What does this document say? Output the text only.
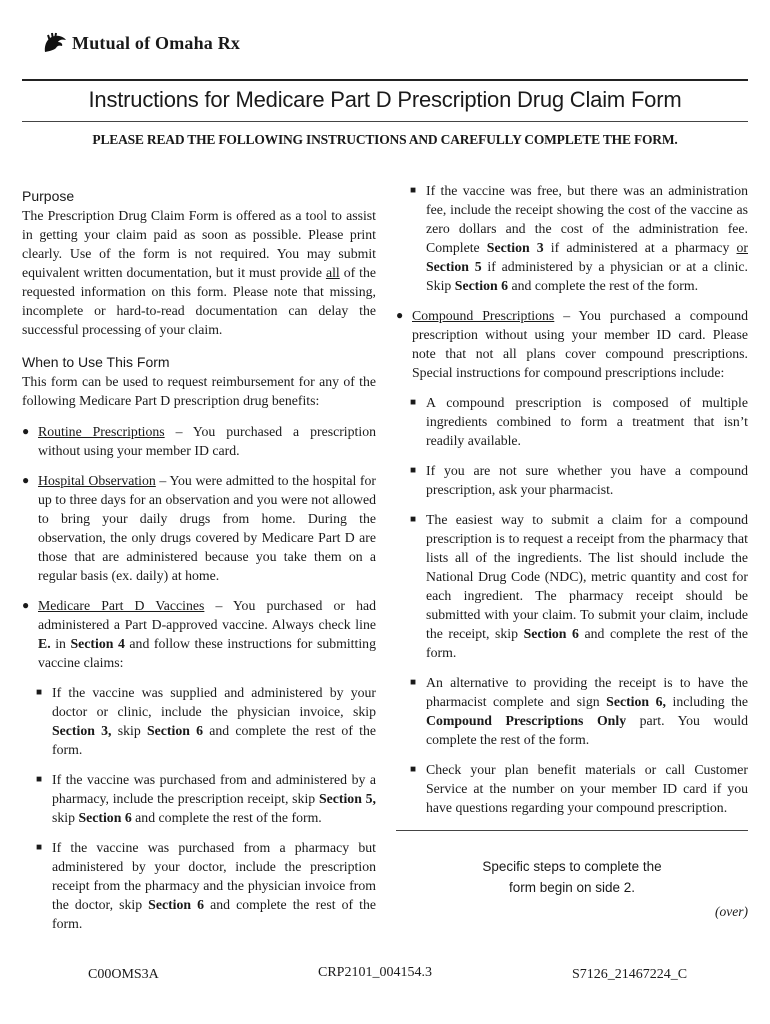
Mutual of Omaha Rx
Instructions for Medicare Part D Prescription Drug Claim Form
PLEASE READ THE FOLLOWING INSTRUCTIONS AND CAREFULLY COMPLETE THE FORM.
Purpose

The Prescription Drug Claim Form is offered as a tool to assist in getting your claim paid as soon as possible. Please print clearly. Use of the form is not required. You may submit equivalent written documentation, but it must provide all of the requested information on this form. Please note that missing, incomplete or hard-to-read documentation can delay the successful processing of your claim.

When to Use This Form

This form can be used to request reimbursement for any of the following Medicare Part D prescription drug benefits:

● Routine Prescriptions – You purchased a prescription without using your member ID card.
● Hospital Observation – You were admitted to the hospital for up to three days for an observation and you were not allowed to bring your daily drugs from home. During the observation, the only drugs covered by Medicare Part D are those that are administered because you take them on a regular basis (ex. daily) at home.
● Medicare Part D Vaccines – You purchased or had administered a Part D-approved vaccine. Always check line E. in Section 4 and follow these instructions for submitting vaccine claims:
■ If the vaccine was supplied and administered by your doctor or clinic, include the physician invoice, skip Section 3, skip Section 6 and complete the rest of the form.
■ If the vaccine was purchased from and administered by a pharmacy, include the prescription receipt, skip Section 5, skip Section 6 and complete the rest of the form.
■ If the vaccine was purchased from a pharmacy but administered by your doctor, include the prescription receipt from the pharmacy and the physician invoice from the doctor, skip Section 6 and complete the rest of the form.
■ If the vaccine was free, but there was an administration fee, include the receipt showing the cost of the vaccine as zero dollars and the cost of the administration fee. Complete Section 3 if administered at a pharmacy or Section 5 if administered by a physician or at a clinic. Skip Section 6 and complete the rest of the form.
● Compound Prescriptions – You purchased a compound prescription without using your member ID card. Please note that not all plans cover compound prescriptions. Special instructions for compound prescriptions include:
■ A compound prescription is composed of multiple ingredients combined to form a treatment that isn’t readily available.
■ If you are not sure whether you have a compound prescription, ask your pharmacist.
■ The easiest way to submit a claim for a compound prescription is to request a receipt from the pharmacy that lists all of the ingredients. The list should include the National Drug Code (NDC), metric quantity and cost for each ingredient. The pharmacy receipt should be submitted with your claim. To submit your claim, include the receipt, skip Section 6 and complete the rest of the form.
■ An alternative to providing the receipt is to have the pharmacist complete and sign Section 6, including the Compound Prescriptions Only part. You would complete the rest of the form.
■ Check your plan benefit materials or call Customer Service at the number on your member ID card if you have questions regarding your compound prescription.
Specific steps to complete the
form begin on side 2.
(over)
C00OMS3A	CRP2101_004154.3	S7126_21467224_C
